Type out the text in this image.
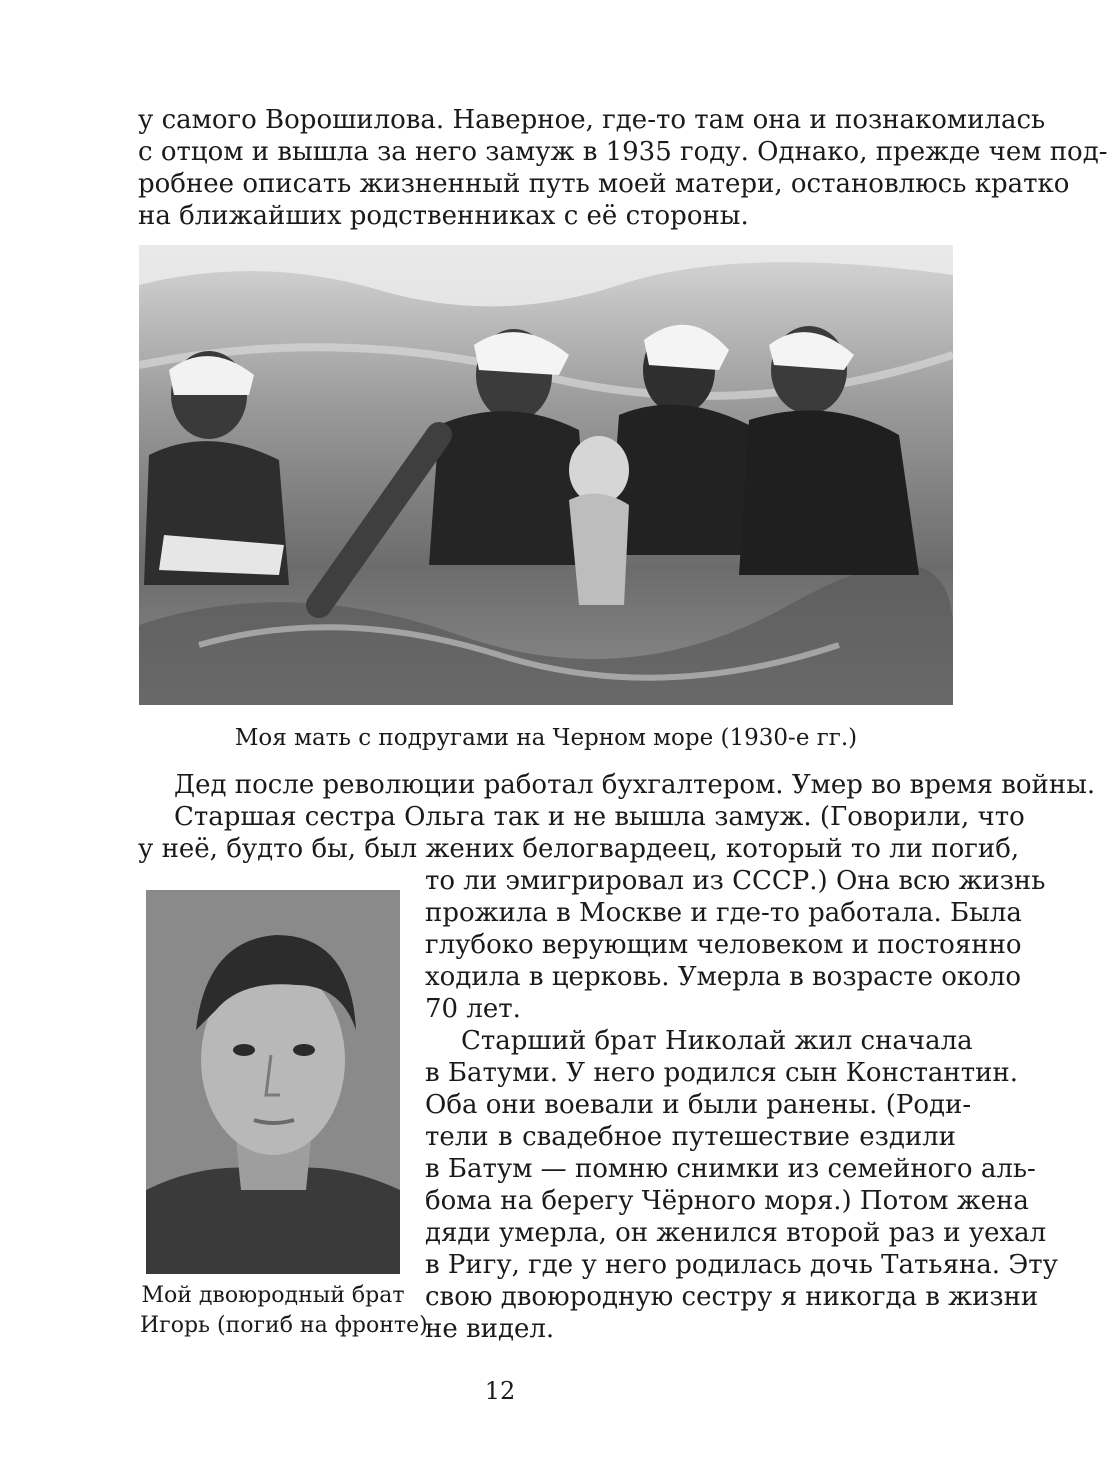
у самого Ворошилова. Наверное, где-то там она и познакомилась
с отцом и вышла за него замуж в 1935 году. Однако, прежде чем под-
робнее описать жизненный путь моей матери, остановлюсь кратко
на ближайших родственниках с её стороны.
Моя мать с подругами на Черном море (1930-е гг.)
Дед после революции работал бухгалтером. Умер во время войны.
Старшая сестра Ольга так и не вышла замуж. (Говорили, что
у неё, будто бы, был жених белогвардеец, который то ли погиб,
то ли эмигрировал из СССР.) Она всю жизнь
прожила в Москве и где-то работала. Была
глубоко верующим человеком и постоянно
ходила в церковь. Умерла в возрасте около
70 лет.
Старший брат Николай жил сначала
в Батуми. У него родился сын Константин.
Оба они воевали и были ранены. (Роди-
тели в свадебное путешествие ездили
в Батум — помню снимки из семейного аль-
бома на берегу Чёрного моря.) Потом жена
дяди умерла, он женился второй раз и уехал
в Ригу, где у него родилась дочь Татьяна. Эту
свою двоюродную сестру я никогда в жизни
не видел.
Мой двоюродный брат
Игорь (погиб на фронте)
12
